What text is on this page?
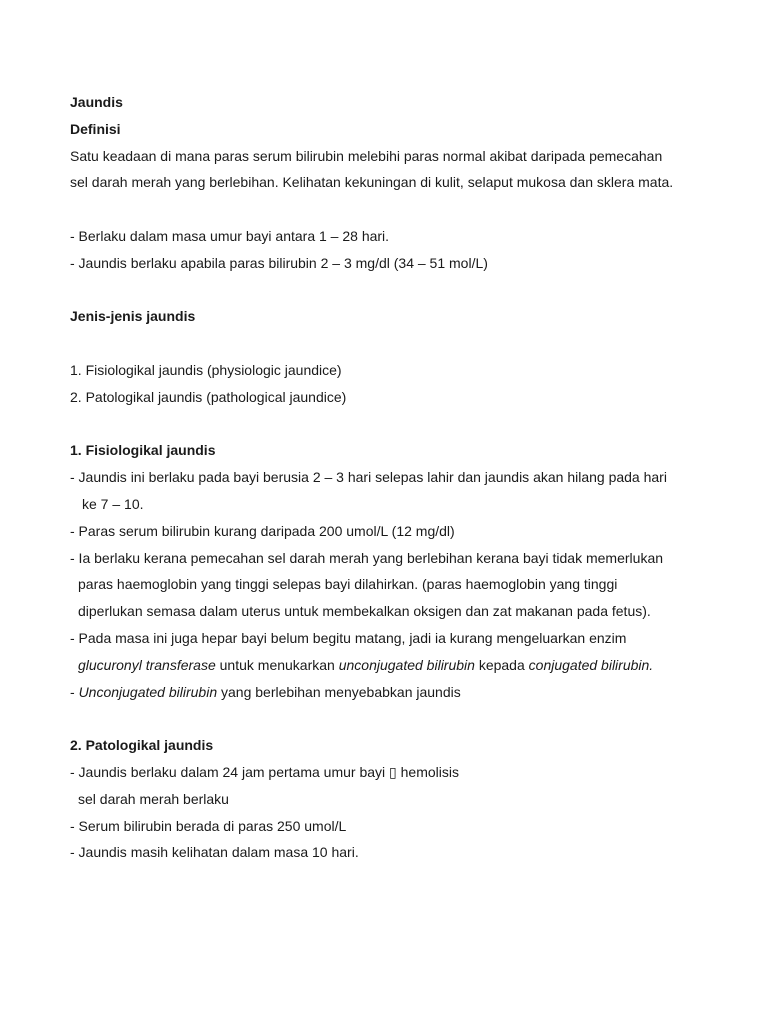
Jaundis
Definisi
Satu keadaan di mana paras serum bilirubin melebihi paras normal akibat daripada pemecahan
sel darah merah yang berlebihan. Kelihatan kekuningan di kulit, selaput mukosa dan sklera mata.
- Berlaku dalam masa umur bayi antara 1 – 28 hari.
- Jaundis berlaku apabila paras bilirubin 2 – 3 mg/dl (34 – 51 mol/L)
Jenis-jenis jaundis
1. Fisiologikal jaundis (physiologic jaundice)
2. Patologikal jaundis (pathological jaundice)
1. Fisiologikal jaundis
- Jaundis ini berlaku pada bayi berusia 2 – 3 hari selepas lahir dan jaundis akan hilang pada hari
ke 7 – 10.
- Paras serum bilirubin kurang daripada 200 umol/L (12 mg/dl)
- Ia berlaku kerana pemecahan sel darah merah yang berlebihan kerana bayi tidak memerlukan
paras haemoglobin yang tinggi selepas bayi dilahirkan. (paras haemoglobin yang tinggi
diperlukan semasa dalam uterus untuk membekalkan oksigen dan zat makanan pada fetus).
- Pada masa ini juga hepar bayi belum begitu matang, jadi ia kurang mengeluarkan enzim
glucuronyl transferase untuk menukarkan unconjugated bilirubin kepada conjugated bilirubin.
- Unconjugated bilirubin yang berlebihan menyebabkan jaundis
2. Patologikal jaundis
- Jaundis berlaku dalam 24 jam pertama umur bayi ▯ hemolisis
sel darah merah berlaku
- Serum bilirubin berada di paras 250 umol/L
- Jaundis masih kelihatan dalam masa 10 hari.
